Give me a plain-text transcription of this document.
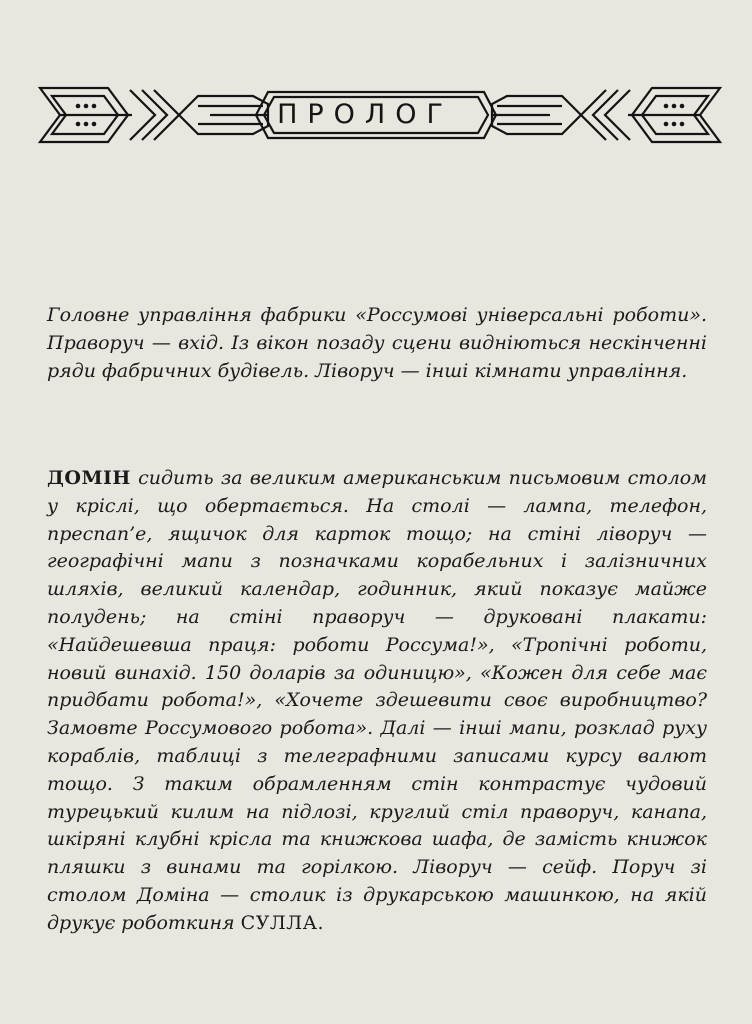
ПРОЛОГ

Головне управління фабрики «Россумові універсальні роботи». Праворуч — вхід. Із вікон позаду сцени видніються нескінченні ряди фабричних будівель. Ліворуч — інші кімнати управління.

ДОМІН сидить за великим американським письмовим столом у кріслі, що обертається. На столі — лампа, телефон, преспап’е, ящичок для карток тощо; на стіні ліворуч — географічні мапи з позначками корабельних і залізничних шляхів, великий календар, годинник, який показує майже полудень; на стіні праворуч — друковані плакати: «Найдешевша праця: роботи Россума!», «Тропічні роботи, новий винахід. 150 доларів за одиницю», «Кожен для себе має придбати робота!», «Хочете здешевити своє виробництво? Замовте Россумового робота». Далі — інші мапи, розклад руху кораблів, таблиці з телеграфними записами курсу валют тощо. З таким обрамленням стін контрастує чудовий турецький килим на підлозі, круглий стіл праворуч, канапа, шкіряні клубні крісла та книжкова шафа, де замість книжок пляшки з винами та горілкою. Ліворуч — сейф. Поруч зі столом Доміна — столик із друкарською машинкою, на якій друкує роботкиня СУЛЛА.
